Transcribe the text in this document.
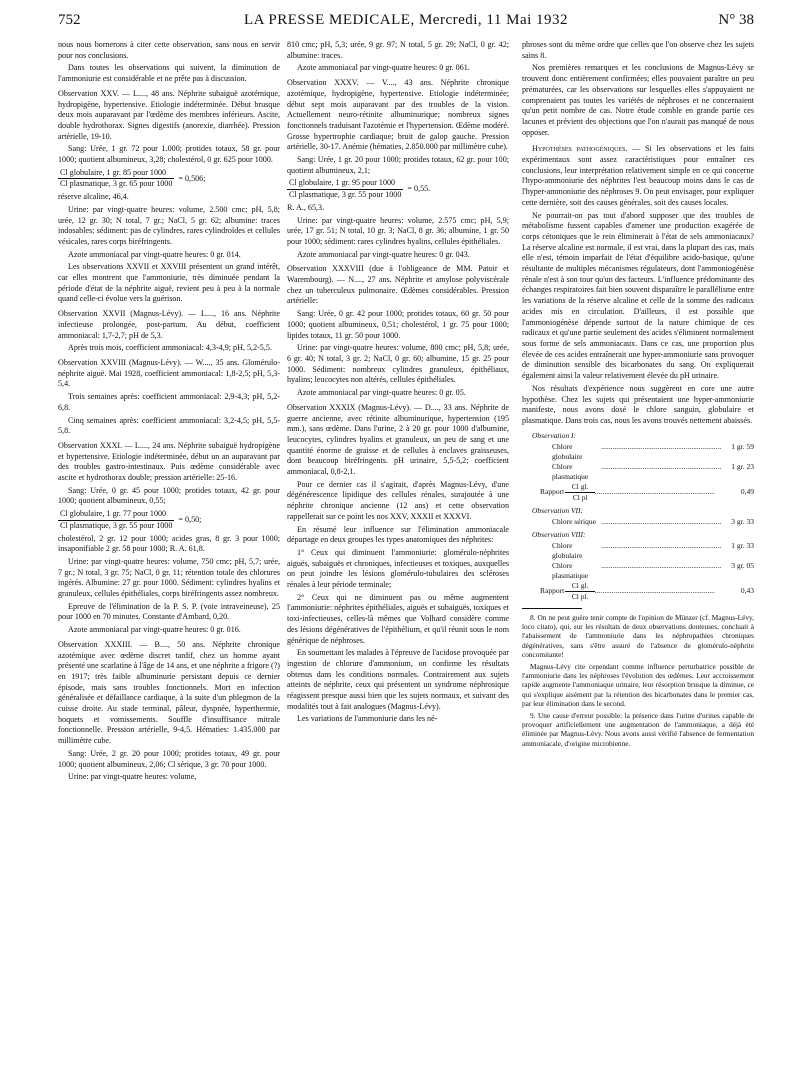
752	LA PRESSE MEDICALE, Mercredi, 11 Mai 1932	N° 38

nous nous bornerons à citer cette observation, sans nous en servir pour nos conclusions.

Dans toutes les observations qui suivent, la diminution de l'ammoniurie est considérable et ne prête pas à discussion.

Observation XXV. — L...., 48 ans. Néphrite subaiguë azotémique, hydropigène, hypertensive. Etiologie indéterminée. Début brusque deux mois auparavant par l'œdème des membres inférieurs. Ascite, double hydrothorax. Signes digestifs (anorexie, diarrhée). Pression artérielle, 19-10.

Sang: Urée, 1 gr. 72 pour 1.000; protides totaux, 58 gr. pour 1000; quotient albumineux, 3,28; cholestérol, 0 gr. 625 pour 1000.

$\frac{\text{Cl globulaire, 1 gr. 85 pour 1000}}{\text{Cl plasmatique, 3 gr. 65 pour 1000}} = 0,506$;

réserve alcaline, 46,4.

Urine: par vingt-quatre heures: volume, 2.500 cmc; pH, 5,8; urée, 12 gr. 30; N total, 7 gr.; NaCl, 5 gr. 62; albumine: traces indosables; sédiment: pas de cylindres, rares cylindroïdes et cellules vésicales, rares corps biréfringents.

Azote ammoniacal par vingt-quatre heures: 0 gr. 014.

Les observations XXVII et XXVIII présentent un grand intérêt, car elles montrent que l'ammoniurie, très diminuée pendant la période d'état de la néphrite aiguë, revient peu à peu à la normale quand celle-ci évolue vers la guérison.

Observation XXVII (Magnus-Lévy). — L...., 16 ans. Néphrite infectieuse prolongée, post-partum. Au début, coefficient ammoniacal: 1,7-2,7; pH de 5,3.

Après trois mois, coefficient ammoniacal: 4,3-4,9; pH, 5,2-5,5.

Observation XXVIII (Magnus-Lévy). — W...., 35 ans. Glomérulo-néphrite aiguë. Mai 1928, coefficient ammoniacal: 1,8-2,5; pH, 5,3-5,4.

Trois semaines après: coefficient ammoniacal: 2,9-4,3; pH, 5,2-6,8.

Cinq semaines après: coefficient ammoniacal: 3,2-4,5; pH, 5,5-5,8.

Observation XXXI. — L...., 24 ans. Néphrite subaiguë hydropigène et hypertensive. Etiologie indéterminée, début un an auparavant par des troubles gastro-intestinaux. Puis œdème considérable avec ascite et hydrothorax double; pression artérielle: 25-16.

Sang: Urée, 0 gr. 45 pour 1000; protides totaux, 42 gr. pour 1000; quotient albumineux, 0,55;

$\frac{\text{Cl globulaire, 1 gr. 77 pour 1000}}{\text{Cl plasmatique, 3 gr. 55 pour 1000}} = 0,50$;

cholestérol, 2 gr. 12 pour 1000; acides gras, 8 gr. 3 pour 1000; insaponifiable 2 gr. 58 pour 1000; R. A. 61,8.

Urine: par vingt-quatre heures: volume, 750 cmc; pH, 5,7; urée, 7 gr.; N total, 3 gr. 75; NaCl, 0 gr. 11; rétention totale des chlorures ingérés. Albumine: 27 gr. pour 1000. Sédiment: cylindres hyalins et granuleux, cellules épithéliales, corps biréfringents assez nombreux.

Epreuve de l'élimination de la P. S. P. (voie intraveineuse), 25 pour 1000 en 70 minutes. Constante d'Ambard, 0,20.

Azote ammoniacal par vingt-quatre heures: 0 gr. 016.

Observation XXXIII. — B...., 50 ans. Néphrite chronique azotémique avec œdème discret tardif, chez un homme ayant présenté une scarlatine à l'âge de 14 ans, et une néphrite a frigore (?) en 1917; très faible albuminurie persistant depuis ce dernier épisode, mais sans troubles fonctionnels. Mort en infection généralisée et défaillance cardiaque, à la suite d'un phlegmon de la cuisse droite. Au stade terminal, pâleur, dyspnée, hyperthermie, hoquets et vomissements. Souffle d'insuffisance mitrale fonctionnelle. Pression artérielle, 9-4,5. Hématies: 1.435.000 par millimètre cube.

Sang: Urée, 2 gr. 20 pour 1000; protides totaux, 49 gr. pour 1000; quotient albumineux, 2,06; Cl sérique, 3 gr. 70 pour 1000.

Urine: par vingt-quatre heures: volume,

810 cmc; pH, 5,3; urée, 9 gr. 97; N total, 5 gr. 29; NaCl, 0 gr. 42; albumine: traces.

Azote ammoniacal par vingt-quatre heures: 0 gr. 061.

Observation XXXV. — V...., 43 ans. Néphrite chronique azotémique, hydropigène, hypertensive. Etiologie indéterminée; début sept mois auparavant par des troubles de la vision. Actuellement neuro-rétinite albuminurique; nombreux signes fonctionnels traduisant l'azotémie et l'hypertension. Œdème modéré. Grosse hypertrophie cardiaque; bruit de galop gauche. Pression artérielle, 30-17. Anémie (hématies, 2.850.000 par millimètre cube).

Sang: Urée, 1 gr. 20 pour 1000; protides totaux, 62 gr. pour 100; quotient albumineux, 2,1;

$\frac{\text{Cl globulaire, 1 gr. 95 pour 1000}}{\text{Cl plasmatique, 3 gr. 55 pour 1000}} = 0,55$.

R. A., 65,3.

Urine: par vingt-quatre heures: volume, 2.575 cmc; pH, 5,9; urée, 17 gr. 51; N total, 10 gr. 3; NaCl, 8 gr. 36; albumine, 1 gr. 50 pour 1000; sédiment: rares cylindres hyalins, cellules épithéliales.

Azote ammoniacal par vingt-quatre heures: 0 gr. 043.

Observation XXXVIII (due à l'obligeance de MM. Patoir et Warembourg). — N...., 27 ans. Néphrite et amylose polyviscérale chez un tuberculeux pulmonaire. Œdèmes considérables. Pression artérielle:

Sang: Urée, 0 gr. 42 pour 1000; protides totaux, 60 gr. 50 pour 1000; quotient albumineux, 0,51; cholestérol, 1 gr. 75 pour 1000; lipides totaux, 11 gr. 50 pour 1000.

Urine: par vingt-quatre heures: volume, 800 cmc; pH, 5,8; urée, 6 gr. 40; N total, 3 gr. 2; NaCl, 0 gr. 60; albumine, 15 gr. 25 pour 1000. Sédiment: nombreux cylindres granuleux, épithéliaux, hyalins; leucocytes non altérés, cellules épithéliales.

Azote ammoniacal par vingt-quatre heures: 0 gr. 05.

Observation XXXIX (Magnus-Lévy). — D...., 33 ans. Néphrite de guerre ancienne, avec rétinite albuminurique, hypertension (195 mm.), sans œdème. Dans l'urine, 2 à 20 gr. pour 1000 d'albumine, leucocytes, cylindres hyalins et granuleux, un peu de sang et une quantité énorme de graisse et de cellules à enclaves graisseuses, dont beaucoup biréfringents. pH urinaire, 5,5-5,2; coefficient ammoniacal, 0,8-2,1.

Pour ce dernier cas il s'agirait, d'après Magnus-Lévy, d'une dégénérescence lipidique des cellules rénales, surajoutée à une néphrite chronique ancienne (12 ans) et cette observation rappellerait sur ce point les nos XXV, XXXII et XXXVI.

En résumé leur influence sur l'élimination ammoniacale départage en deux groupes les types anatomiques des néphrites:

1° Ceux qui diminuent l'ammoniurie: glomérulo-néphrites aiguës, subaiguës et chroniques, infectieuses et toxiques, auxquelles on peut joindre les lésions glomérulo-tubulaires des scléroses rénales à leur période terminale;

2° Ceux qui ne diminuent pas ou même augmentent l'ammoniurie: néphrites épithéliales, aiguës et subaiguës, toxiques et toxi-infectieuses, celles-là mêmes que Volhard considère comme des lésions dégénératives de l'épithélium, et qu'il réunit sous le nom générique de néphroses.

En soumettant les malades à l'épreuve de l'acidose provoquée par ingestion de chlorure d'ammonium, on confirme les résultats obtenus dans les conditions normales. Contrairement aux sujets atteints de néphrite, ceux qui présentent un syndrome néphrosique réagissent presque aussi bien que les sujets normaux, et suivant des modalités tout à fait analogues (Magnus-Lévy).

Les variations de l'ammoniurie dans les né-

phroses sont du même ordre que celles que l'on observe chez les sujets sains 8.

Nos premières remarques et les conclusions de Magnus-Lévy se trouvent donc entièrement confirmées; elles pouvaient paraître un peu prématurées, car les observations sur lesquelles elles s'appuyaient ne comprenaient pas toutes les variétés de néphroses et ne concernaient qu'un petit nombre de cas. Notre étude comble en grande partie ces lacunes et prévient des objections que l'on n'aurait pas manqué de nous opposer.

Hypothèses pathogéniques. — Si les observations et les faits expérimentaux sont assez caractéristiques pour entraîner ces conclusions, leur interprétation relativement simple en ce qui concerne l'hypo-ammoniurie des néphrites l'est beaucoup moins dans le cas de l'hyper-ammoniurie des néphroses 9. On peut envisager, pour expliquer cette dernière, soit des causes générales, soit des causes locales.

Ne pourrait-on pas tout d'abord supposer que des troubles de métabolisme fussent capables d'amener une production exagérée de corps cétoniques que le rein éliminerait à l'état de sels ammoniacaux? La réserve alcaline est normale, il est vrai, dans la plupart des cas, mais elle n'est, témoin imparfait de l'état d'équilibre acido-basique, qu'une résultante de multiples mécanismes régulateurs, dont l'ammoniogénèse rénale n'est à son tour qu'un des facteurs. L'influence prédominante des échanges respiratoires fait bien souvent disparaître le parallélisme entre les variations de la réserve alcaline et celle de la somme des radicaux acides mis en circulation. D'ailleurs, il est possible que l'ammoniogénèse dépende surtout de la nature chimique de ces radicaux et qu'une partie seulement des acides s'éliminent normalement sous forme de sels ammoniacaux. Dans ce cas, une proportion plus élevée de ces acides entraînerait une hyper-ammoniurie sans provoquer de diminution sensible des bicarbonates du sang. On expliquerait également ainsi la valeur relativement élevée du pH urinaire.

Nos résultats d'expérience nous suggèrent en core une autre hypothèse. Chez les sujets qui présentaient une hyper-ammoniurie manifeste, nous avons dosé le chlore sanguin, globulaire et plasmatique. Dans trois cas, nous les avons trouvés nettement abaissés.

Observation I:
Chlore globulaire
................................................................	1 gr. 59
Chlore plasmatique
................................................................	1 gr. 23
Rapport $\frac{\text{Cl gl.}}{\text{Cl pl}}$ ................................................................	0,49
Observation VII:
Chlore sérique ................................................................	3 gr. 33
Observation VIII:
Chlore globulaire
................................................................	1 gr. 33
Chlore plasmatique
................................................................	3 gr. 05
Rapport $\frac{\text{Cl gl.}}{\text{Cl pl.}}$ ................................................................	0,43

8. On ne peut guère tenir compte de l'opinion de Münzer (cf. Magnus-Lévy, loco citato), qui, sur les résultats de deux observations douteuses, concluait à l'abaissement de l'ammoniurie dans les néphropathies chroniques dégénératives, sans s'être assuré de l'absence de glomérulo-néphrite concomitante!

Magnus-Lévy cite cependant comme influence perturbatrice possible de l'ammoniurie dans les néphroses l'évolution des œdèmes. Leur accroissement rapide augmente l'ammoniaque urinaire, leur résorption brusque la diminue, ce qui s'explique aisément par la rétention des bicarbonates dans le premier cas, par leur élimination dans le second.

9. Une cause d'erreur possible: la présence dans l'urine d'urines capable de provoquer artificiellement une augmentation de l'ammoniaque, a déjà été éliminée par Magnus-Lévy. Nous avons aussi vérifié l'absence de fermentation ammoniacale, d'origine microbienne.
